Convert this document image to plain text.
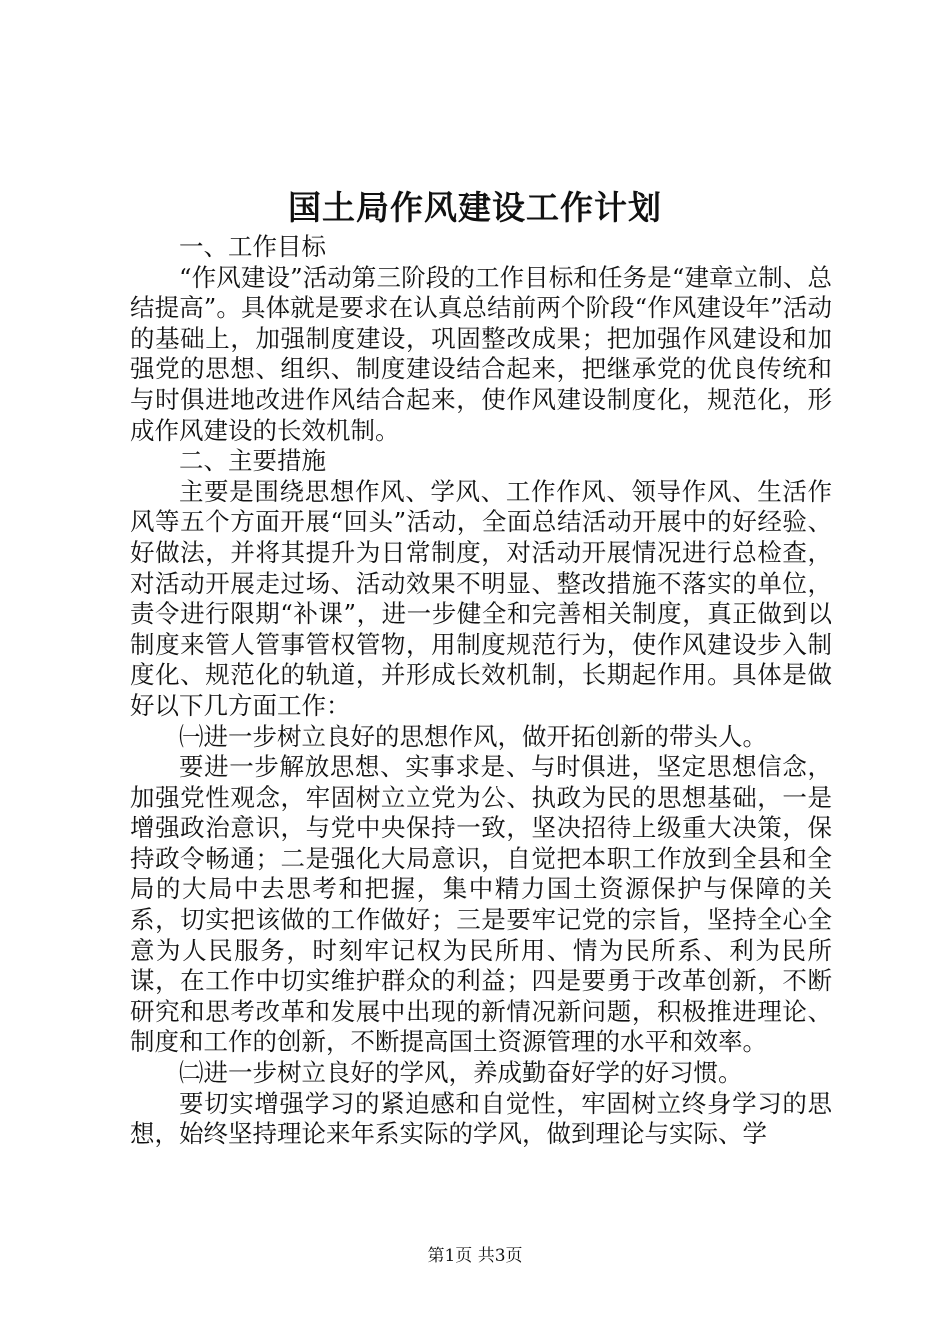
国土局作风建设工作计划

一、工作目标

“作风建设”活动第三阶段的工作目标和任务是“建章立制、总结提高”。具体就是要求在认真总结前两个阶段“作风建设年”活动的基础上，加强制度建设，巩固整改成果；把加强作风建设和加强党的思想、组织、制度建设结合起来，把继承党的优良传统和与时俱进地改进作风结合起来，使作风建设制度化，规范化，形成作风建设的长效机制。

二、主要措施

主要是围绕思想作风、学风、工作作风、领导作风、生活作风等五个方面开展“回头”活动，全面总结活动开展中的好经验、好做法，并将其提升为日常制度，对活动开展情况进行总检查，对活动开展走过场、活动效果不明显、整改措施不落实的单位，责令进行限期“补课”，进一步健全和完善相关制度，真正做到以制度来管人管事管权管物，用制度规范行为，使作风建设步入制度化、规范化的轨道，并形成长效机制，长期起作用。具体是做好以下几方面工作：

㈠进一步树立良好的思想作风，做开拓创新的带头人。

要进一步解放思想、实事求是、与时俱进，坚定思想信念，加强党性观念，牢固树立立党为公、执政为民的思想基础，一是增强政治意识，与党中央保持一致，坚决招待上级重大决策，保持政令畅通；二是强化大局意识，自觉把本职工作放到全县和全局的大局中去思考和把握，集中精力国土资源保护与保障的关系，切实把该做的工作做好；三是要牢记党的宗旨，坚持全心全意为人民服务，时刻牢记权为民所用、情为民所系、利为民所谋，在工作中切实维护群众的利益；四是要勇于改革创新，不断研究和思考改革和发展中出现的新情况新问题，积极推进理论、制度和工作的创新，不断提高国土资源管理的水平和效率。

㈡进一步树立良好的学风，养成勤奋好学的好习惯。

要切实增强学习的紧迫感和自觉性，牢固树立终身学习的思想，始终坚持理论来年系实际的学风，做到理论与实际、学

第1页 共3页
